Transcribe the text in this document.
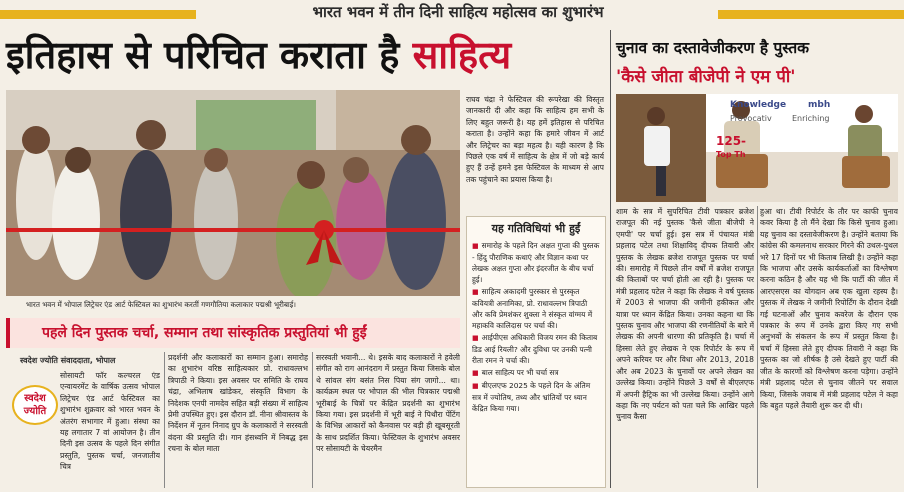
भारत भवन में तीन दिनी साहित्य महोत्सव का शुभारंभ
इतिहास से परिचित कराता है साहित्य
भारत भवन में भोपाल लिट्रेचर एंड आर्ट फेस्टिवल का शुभारंभ करतीं गणगौतिया कलाकार पद्मश्री भूरीबाई।
पहले दिन पुस्तक चर्चा, सम्मान तथा सांस्कृतिक प्रस्तुतियां भी हुईं
स्वदेश ज्योति संवाददाता, भोपाल
स्वदेश
ज्योति
सोसायटी फॉर कल्चरल एंड एन्वायरमेंट के वार्षिक उत्सव भोपाल लिट्रेचर एंड आर्ट फेस्टिवल का शुभारंभ शुक्रवार को भारत भवन के अंतरंग सभागार में हुआ। संस्था का यह लगातार 7 वां आयोजन है। तीन दिनी इस उत्सव के पहले दिन संगीत प्रस्तुति, पुस्तक चर्चा, जनजातीय चित्र
प्रदर्शनी और कलाकारों का सम्मान हुआ। समारोह का शुभारंभ वरिष्ठ साहित्यकार प्रो. राधावल्लभ त्रिपाठी ने किया। इस अवसर पर समिति के राघव चंद्रा, अभिलाष खांडेकर, संस्कृति विभाग के निदेशक एनपी नामदेव सहित बड़ी संख्या में साहित्य प्रेमी उपस्थित हुए। इस दौरान डॉ. नीना श्रीवास्तव के निर्देशन में नूतन निनाद ग्रुप के कलाकारों ने सरस्वती वंदना की प्रस्तुति दी। गान हंसध्वनि में निबद्ध इस रचना के बोल माता
सरस्वती भवानी... थे। इसके बाद कलाकारों ने हवेली संगीत को राग आनंदराग में प्रस्तुत किया जिसके बोल थे सांवल संग बसंत निस पिया संग जागो... था। कार्यक्रम स्थल पर भोपाल की भील चित्रकार पद्मश्री भूरीबाई के चित्रों पर केंद्रित प्रदर्शनी का शुभारंभ किया गया। इस प्रदर्शनी में भूरी बाई ने पिथौरा पेंटिंग के विभिन्न आकारों को कैनवास पर बड़ी ही खूबसूरती के साथ प्रदर्शित किया। फेस्टिवल के शुभारंभ अवसर पर सोसायटी के चेयरमैन
राघव चंद्रा ने फेस्टिवल की रूपरेखा की विस्तृत जानकारी दी और कहा कि साहित्य हम सभी के लिए बहुत जरूरी है। यह हमें इतिहास से परिचित कराता है। उन्होंने कहा कि हमारे जीवन में आर्ट और लिट्रेचर का बड़ा महत्व है। यही कारण है कि पिछले एक वर्ष में साहित्य के क्षेत्र में जो बड़े कार्य हुए हैं उन्हें हमने इस फेस्टिवल के माध्यम से आप तक पहुंचाने का प्रयास किया है।
यह गतिविधियां भी हुईं
■ समारोह के पहले दिन अक्षत गुप्ता की पुस्तक - हिंदु पौराणिक कथाएं और विज्ञान कथा पर लेखक अक्षत गुप्ता और इंदरजीत के बीच चर्चा हुई।
■ साहित्य अकादमी पुरस्कार से पुरस्कृत कवियत्री अनामिका, प्रो. राधावल्लभ त्रिपाठी और कवि प्रेमशंकर शुक्ला ने संस्कृत वांग्मय में महाकवि कालिदास पर चर्चा की।
■ आईपीएस अधिकारी विजय रमन की किताब डिड आई रियली? और दुविधा पर उनकी पत्नी रीता रमन ने चर्चा की।
■ बाल साहित्य पर भी चर्चा सत्र
■ बीएलएफ 2025 के पहले दिन के अंतिम सत्र में ज्योतिष, तथ्य और भ्रांतियों पर ध्यान केंद्रित किया गया।
चुनाव का दस्तावेजीकरण है पुस्तक
'कैसे जीता बीजेपी ने एम पी'
Knowledge mbh
Provocativ	Enriching
125-
Top Th
शाम के सत्र में सुपरिचित टीवी पत्रकार ब्रजेश राजपूत की नई पुस्तक 'कैसे जीता बीजेपी ने एमपी' पर चर्चा हुई। इस सत्र में पंचायत मंत्री प्रहलाद पटेल तथा शिक्षाविद् दीपक तिवारी और पुस्तक के लेखक ब्रजेश राजपूत पुस्तक पर चर्चा की। समारोह में पिछले तीन वर्षों में ब्रजेश राजपूत की किताबों पर चर्चा होती आ रही है। पुस्तक पर मंत्री प्रहलाद पटेल ने कहा कि लेखक ने वर्ष पुस्तक में 2003 से भाजपा की जमीनी हकीकत और यात्रा पर ध्यान केंद्रित किया। उनका कहना था कि पुस्तक चुनाव और भाजपा की रणनीतियों के बारे में लेखक की अपनी धारणा की प्रतिकृति है। चर्चा में हिस्सा लेते हुए लेखक ने एक रिपोर्टर के रूप में अपने करियर पर और विधा और 2013, 2018 और अब 2023 के चुनावों पर अपने लेखन का उल्लेख किया। उन्होंने पिछले 3 वर्षों से बीएलएफ में अपनी हैट्रिक का भी उल्लेख किया। उन्होंने आगे कहा कि नए पर्यटन को पता चले कि आखिर पहले चुनाव कैसा
हुआ था। टीवी रिपोर्टर के तौर पर काफी चुनाव कवर किया है तो मैंने देखा कि किसे चुनाव हुआ। यह चुनाव का दस्तावेजीकरण है। उन्होंने बताया कि कांग्रेस की कमलनाथ सरकार गिरने की उथल-पुथल भरे 17 दिनों पर भी किताब लिखी है। उन्होंने कहा कि भाजपा और उसके कार्यकर्ताओं का विश्लेषण करना कठिन है और यह भी कि पार्टी की जीत में आरएसएस का योगदान अब एक खुला रहस्य है। पुस्तक में लेखक ने जमीनी रिपोर्टिंग के दौरान देखी गई घटनाओं और चुनाव कवरेज के दौरान एक पत्रकार के रूप में उनके द्वारा किए गए सभी अनुभवों के संकलन के रूप में प्रस्तुत किया है। चर्चा में हिस्सा लेते हुए दीपक तिवारी ने कहा कि पुस्तक का जो शीर्षक है उसे देखते हुए पार्टी की जीत के कारणों को विश्लेषण करना पड़ेगा। उन्होंने मंत्री प्रहलाद पटेल से चुनाव जीतने पर सवाल किया, जिसके जवाब में मंत्री प्रहलाद पटेल ने कहा कि बहुत पहले तैयारी शुरू कर दी थी।
